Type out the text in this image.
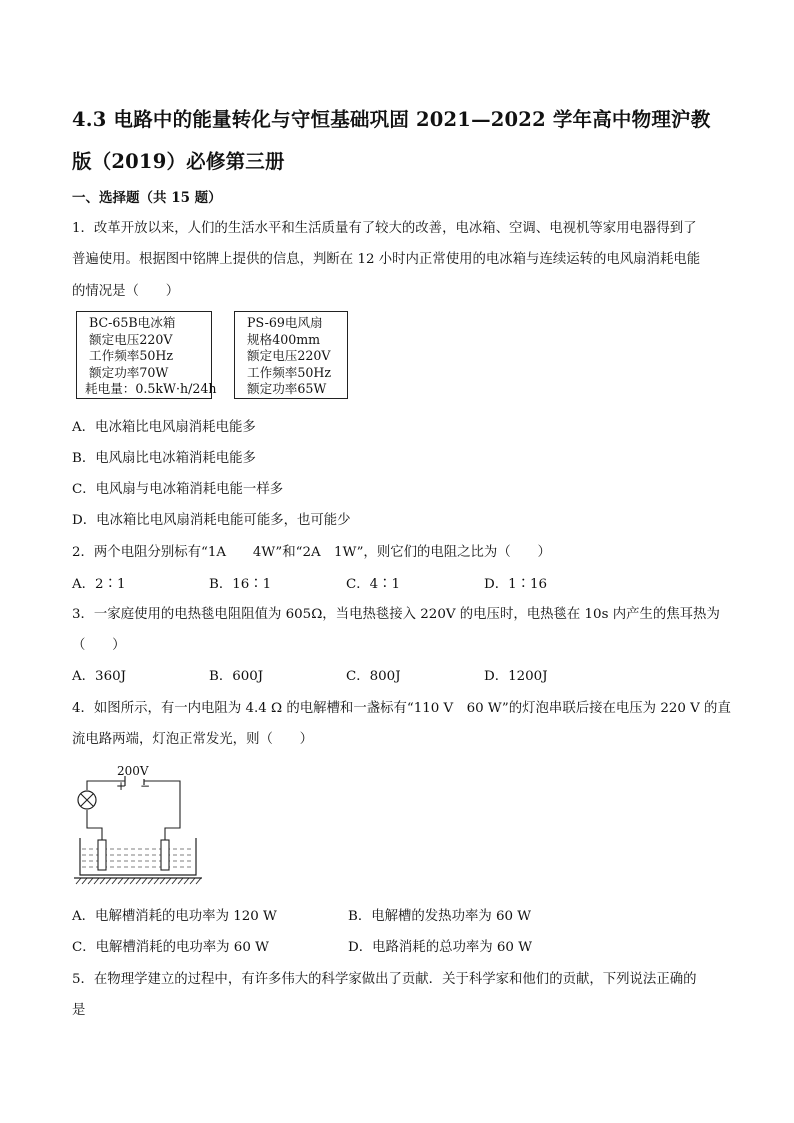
4.3 电路中的能量转化与守恒基础巩固 2021—2022 学年高中物理沪教
版（2019）必修第三册
一、选择题（共 15 题）
1．改革开放以来，人们的生活水平和生活质量有了较大的改善，电冰箱、空调、电视机等家用电器得到了
普遍使用。根据图中铭牌上提供的信息，判断在 12 小时内正常使用的电冰箱与连续运转的电风扇消耗电能
的情况是（　　）
BC-65B电冰箱
额定电压220V
工作频率50Hz
额定功率70W
耗电量：0.5kW·h/24h
PS-69电风扇
规格400mm
额定电压220V
工作频率50Hz
额定功率65W
A．电冰箱比电风扇消耗电能多
B．电风扇比电冰箱消耗电能多
C．电风扇与电冰箱消耗电能一样多
D．电冰箱比电风扇消耗电能可能多，也可能少
2．两个电阻分别标有“1A　　4W”和“2A　1W”，则它们的电阻之比为（　　）
A．2∶1	B．16∶1	C．4∶1	D．1∶16
3．一家庭使用的电热毯电阻阻值为 605Ω，当电热毯接入 220V 的电压时，电热毯在 10s 内产生的焦耳热为
（　　）
A．360J	B．600J	C．800J	D．1200J
4．如图所示，有一内电阻为 4.4 Ω 的电解槽和一盏标有“110 V　60 W”的灯泡串联后接在电压为 220 V 的直
流电路两端，灯泡正常发光，则（　　）
200V
+ −
A．电解槽消耗的电功率为 120 W	B．电解槽的发热功率为 60 W
C．电解槽消耗的电功率为 60 W	D．电路消耗的总功率为 60 W
5．在物理学建立的过程中，有许多伟大的科学家做出了贡献．关于科学家和他们的贡献，下列说法正确的
是
